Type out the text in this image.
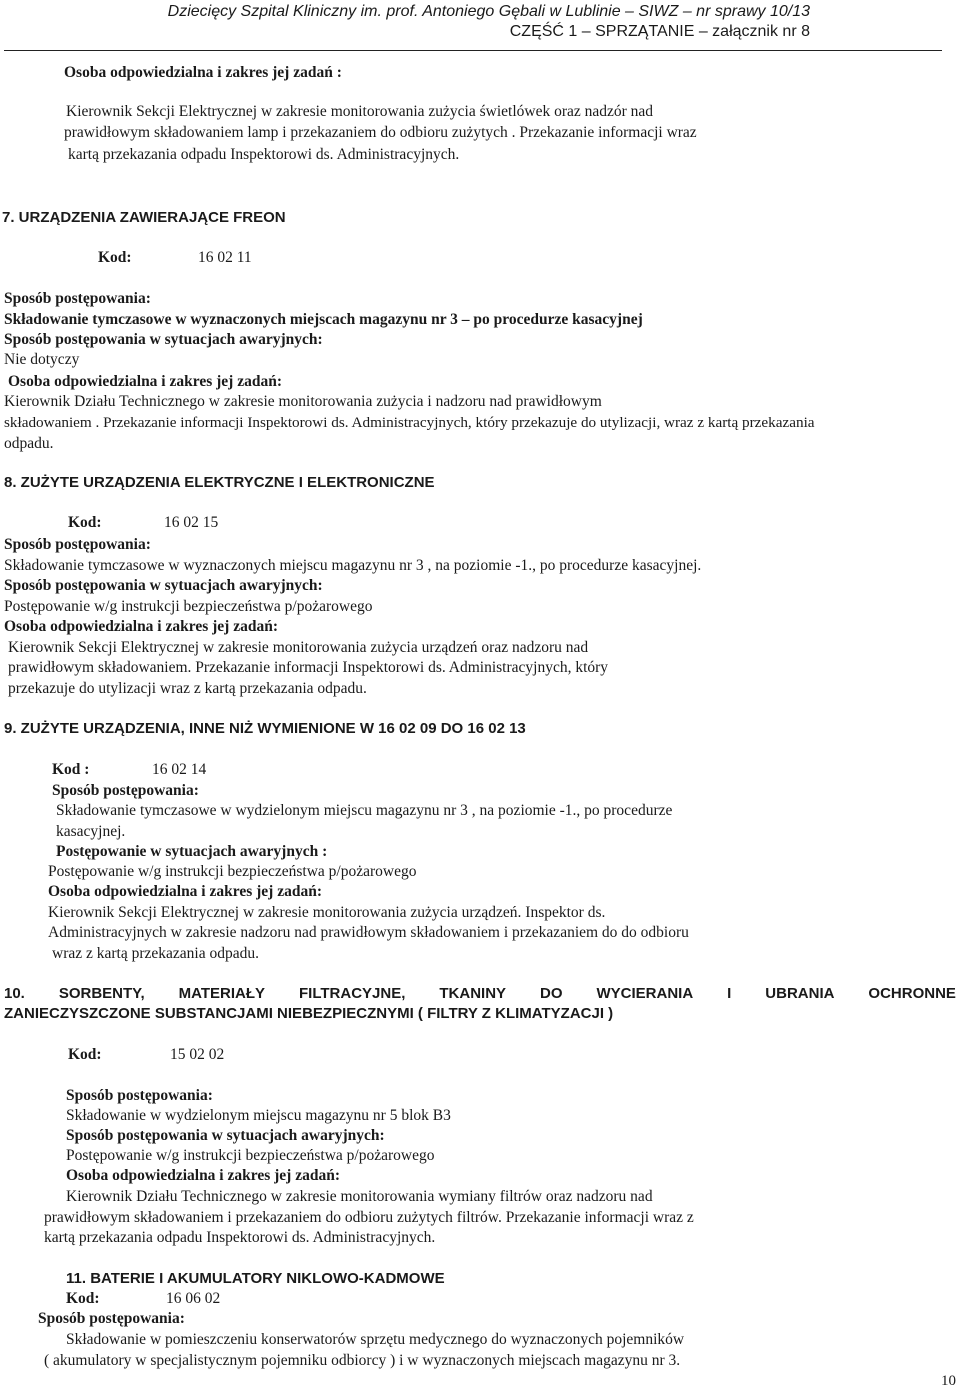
Dziecięcy Szpital Kliniczny im. prof. Antoniego Gębali w Lublinie – SIWZ – nr sprawy 10/13
CZĘŚĆ 1 – SPRZĄTANIE – załącznik nr 8
Osoba odpowiedzialna i zakres jej zadań :
Kierownik Sekcji Elektrycznej w zakresie monitorowania zużycia świetlówek oraz nadzór nad
prawidłowym składowaniem lamp i przekazaniem do odbioru zużytych . Przekazanie informacji wraz
kartą przekazania odpadu Inspektorowi ds. Administracyjnych.
7. URZĄDZENIA ZAWIERAJĄCE FREON
Kod:	16 02 11
Sposób postępowania:
Składowanie tymczasowe w wyznaczonych miejscach magazynu nr 3 – po procedurze kasacyjnej
Sposób postępowania w sytuacjach awaryjnych:
Nie dotyczy
Osoba odpowiedzialna i zakres jej zadań:
Kierownik Działu Technicznego w zakresie monitorowania zużycia i nadzoru nad prawidłowym
składowaniem . Przekazanie informacji Inspektorowi ds. Administracyjnych, który przekazuje do utylizacji, wraz z kartą przekazania
odpadu.
8. ZUŻYTE URZĄDZENIA ELEKTRYCZNE I ELEKTRONICZNE
Kod:	16 02 15
Sposób postępowania:
Składowanie tymczasowe w wyznaczonych miejscu magazynu nr 3 , na poziomie -1., po procedurze kasacyjnej.
Sposób postępowania w sytuacjach awaryjnych:
Postępowanie w/g instrukcji bezpieczeństwa p/pożarowego
Osoba odpowiedzialna i zakres jej zadań:
Kierownik Sekcji Elektrycznej w zakresie monitorowania zużycia urządzeń oraz nadzoru nad
prawidłowym składowaniem. Przekazanie informacji Inspektorowi ds. Administracyjnych, który
przekazuje do utylizacji wraz z kartą przekazania odpadu.
9. ZUŻYTE URZĄDZENIA, INNE NIŻ WYMIENIONE W 16 02 09 DO 16 02 13
Kod :	16 02 14
Sposób postępowania:
Składowanie tymczasowe w wydzielonym miejscu magazynu nr 3 , na poziomie -1., po procedurze
kasacyjnej.
Postępowanie w sytuacjach awaryjnych :
Postępowanie w/g instrukcji bezpieczeństwa p/pożarowego
Osoba odpowiedzialna i zakres jej zadań:
Kierownik Sekcji Elektrycznej w zakresie monitorowania zużycia urządzeń. Inspektor ds.
Administracyjnych w zakresie nadzoru nad prawidłowym składowaniem i przekazaniem do do odbioru
wraz z kartą przekazania odpadu.
10. SORBENTY, MATERIAŁY FILTRACYJNE, TKANINY DO WYCIERANIA I UBRANIA OCHRONNE
ZANIECZYSZCZONE SUBSTANCJAMI NIEBEZPIECZNYMI ( FILTRY Z KLIMATYZACJI )
Kod:	15 02 02
Sposób postępowania:
Składowanie w wydzielonym miejscu magazynu nr 5 blok B3
Sposób postępowania w sytuacjach awaryjnych:
Postępowanie w/g instrukcji bezpieczeństwa p/pożarowego
Osoba odpowiedzialna i zakres jej zadań:
Kierownik Działu Technicznego w zakresie monitorowania wymiany filtrów oraz nadzoru nad
prawidłowym składowaniem i przekazaniem do odbioru zużytych filtrów. Przekazanie informacji wraz z
kartą przekazania odpadu Inspektorowi ds. Administracyjnych.
11. BATERIE I AKUMULATORY NIKLOWO-KADMOWE
Kod:	16 06 02
Sposób postępowania:
Składowanie w pomieszczeniu konserwatorów sprzętu medycznego do wyznaczonych pojemników
( akumulatory w specjalistycznym pojemniku odbiorcy ) i w wyznaczonych miejscach magazynu nr 3.
10
